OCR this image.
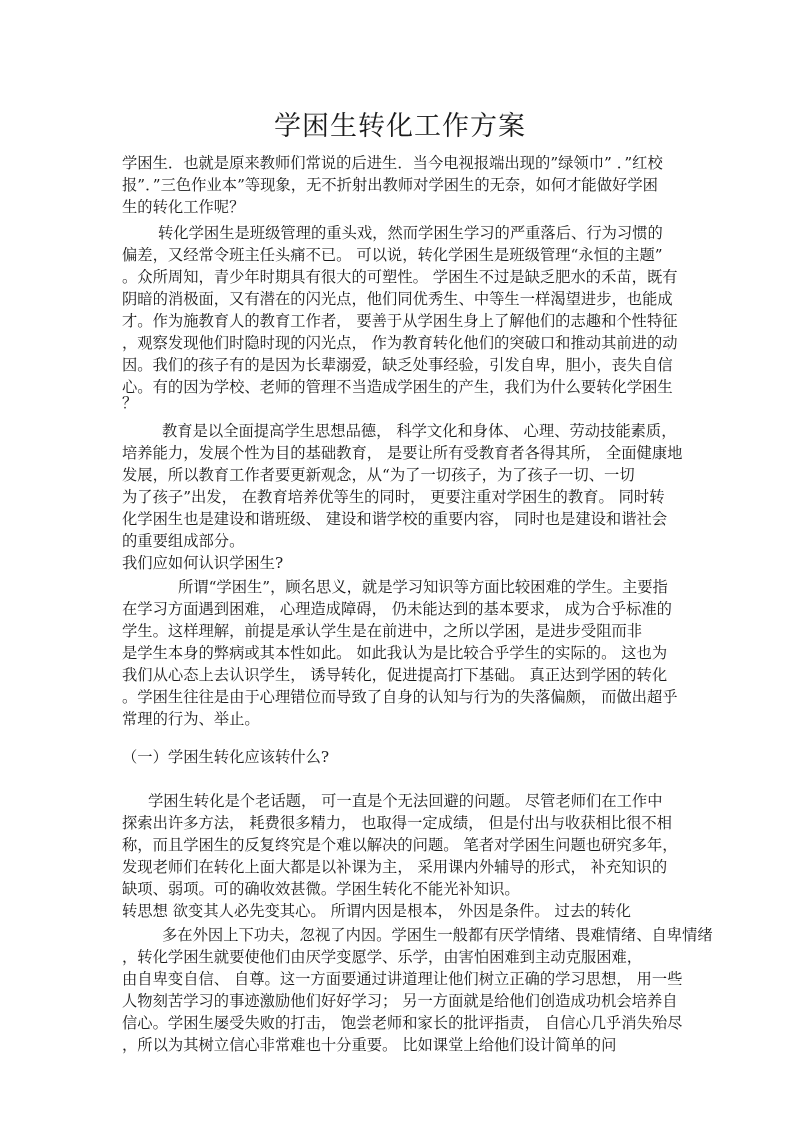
学困生转化工作方案
学困生．也就是原来教师们常说的后进生．当今电视报端出现的”绿领巾” ．”红校
报”．”三色作业本”等现象，无不折射出教师对学困生的无奈，如何才能做好学困
生的转化工作呢？
转化学困生是班级管理的重头戏，然而学困生学习的严重落后、行为习惯的
偏差，又经常令班主任头痛不已。 可以说，转化学困生是班级管理“永恒的主题”
。众所周知，青少年时期具有很大的可塑性。 学困生不过是缺乏肥水的禾苗，既有
阴暗的消极面，又有潜在的闪光点，他们同优秀生、中等生一样渴望进步，也能成
才。作为施教育人的教育工作者， 要善于从学困生身上了解他们的志趣和个性特征
，观察发现他们时隐时现的闪光点， 作为教育转化他们的突破口和推动其前进的动
因。我们的孩子有的是因为长辈溺爱，缺乏处事经验，引发自卑，胆小，丧失自信
心。有的因为学校、老师的管理不当造成学困生的产生，我们为什么要转化学困生
？
教育是以全面提高学生思想品德， 科学文化和身体、 心理、劳动技能素质，
培养能力，发展个性为目的基础教育， 是要让所有受教育者各得其所， 全面健康地
发展，所以教育工作者要更新观念，从“为了一切孩子，为了孩子一切、一切
为了孩子”出发， 在教育培养优等生的同时， 更要注重对学困生的教育。 同时转
化学困生也是建设和谐班级、 建设和谐学校的重要内容， 同时也是建设和谐社会
的重要组成部分。
我们应如何认识学困生?
所谓“学困生”，顾名思义，就是学习知识等方面比较困难的学生。主要指
在学习方面遇到困难， 心理造成障碍， 仍未能达到的基本要求， 成为合乎标准的
学生。这样理解，前提是承认学生是在前进中，之所以学困，是进步受阻而非
是学生本身的弊病或其本性如此。 如此我认为是比较合乎学生的实际的。 这也为
我们从心态上去认识学生， 诱导转化，促进提高打下基础。 真正达到学困的转化
。学困生往往是由于心理错位而导致了自身的认知与行为的失落偏颇， 而做出超乎
常理的行为、举止。
（一）学困生转化应该转什么?
学困生转化是个老话题， 可一直是个无法回避的问题。 尽管老师们在工作中
探索出许多方法， 耗费很多精力， 也取得一定成绩， 但是付出与收获相比很不相
称，而且学困生的反复终究是个难以解决的问题。 笔者对学困生问题也研究多年，
发现老师们在转化上面大都是以补课为主， 采用课内外辅导的形式， 补充知识的
缺项、弱项。可的确收效甚微。学困生转化不能光补知识。
转思想 欲变其人必先变其心。 所谓内因是根本， 外因是条件。 过去的转化
多在外因上下功夫，忽视了内因。学困生一般都有厌学情绪、畏难情绪、自卑情绪
，转化学困生就要使他们由厌学变愿学、乐学，由害怕困难到主动克服困难，
由自卑变自信、 自尊。这一方面要通过讲道理让他们树立正确的学习思想， 用一些
人物刻苦学习的事迹激励他们好好学习； 另一方面就是给他们创造成功机会培养自
信心。学困生屡受失败的打击， 饱尝老师和家长的批评指责， 自信心几乎消失殆尽
，所以为其树立信心非常难也十分重要。 比如课堂上给他们设计简单的问
